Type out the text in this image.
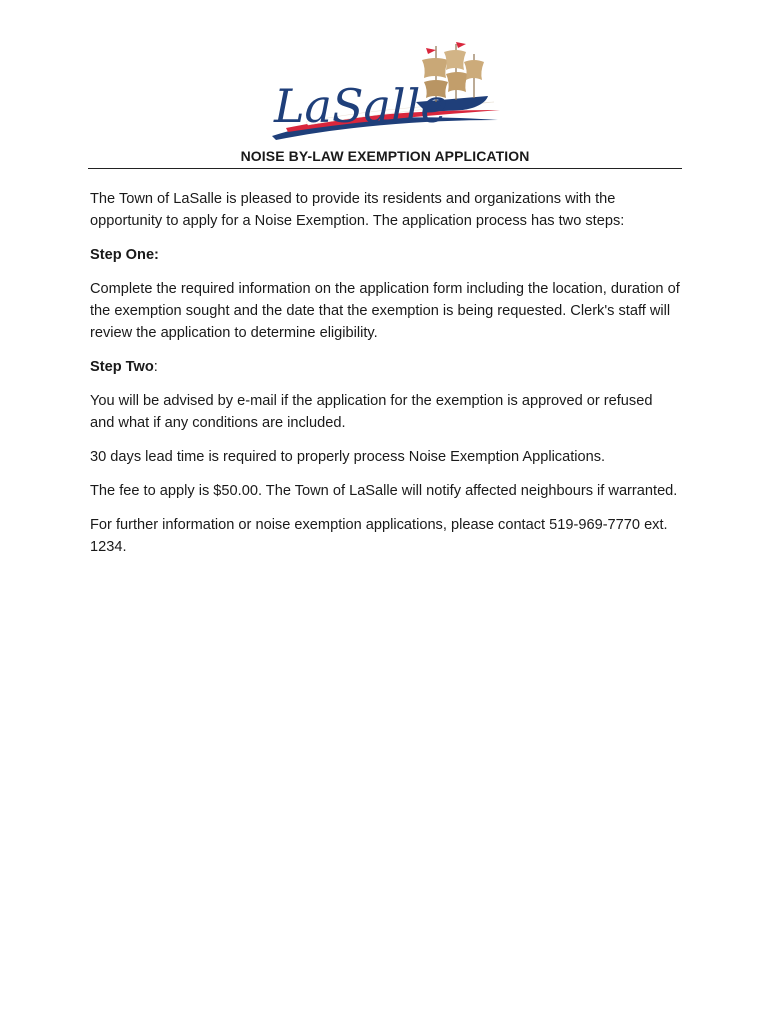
LaSalle
NOISE BY-LAW EXEMPTION APPLICATION

The Town of LaSalle is pleased to provide its residents and organizations with the opportunity to apply for a Noise Exemption. The application process has two steps:

Step One:

Complete the required information on the application form including the location, duration of the exemption sought and the date that the exemption is being requested. Clerk's staff will review the application to determine eligibility.

Step Two:

You will be advised by e-mail if the application for the exemption is approved or refused and what if any conditions are included.

30 days lead time is required to properly process Noise Exemption Applications.

The fee to apply is $50.00. The Town of LaSalle will notify affected neighbours if warranted.

For further information or noise exemption applications, please contact 519-969-7770 ext. 1234.
